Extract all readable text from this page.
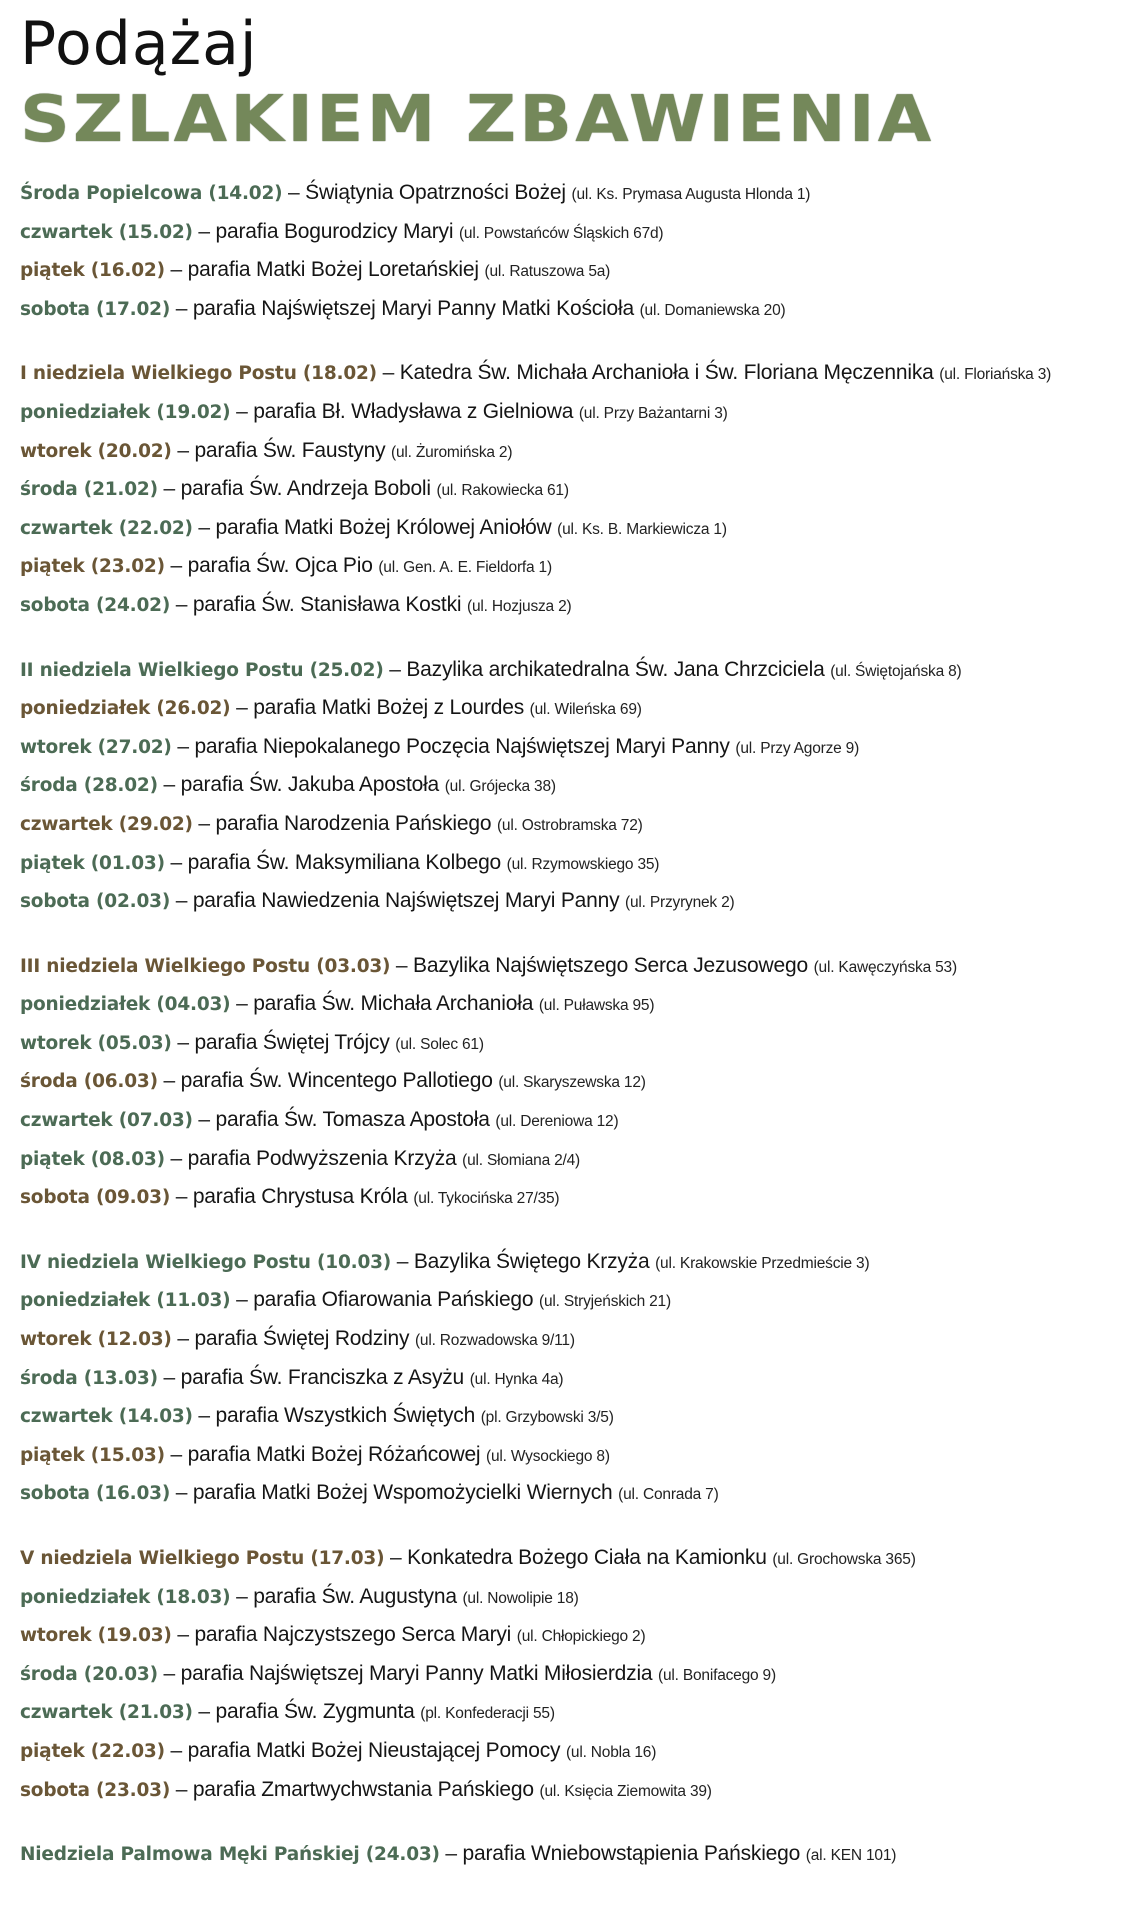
Podążaj
SZLAKIEM ZBAWIENIA
Środa Popielcowa (14.02) – Świątynia Opatrzności Bożej (ul. Ks. Prymasa Augusta Hlonda 1)
czwartek (15.02) – parafia Bogurodzicy Maryi (ul. Powstańców Śląskich 67d)
piątek (16.02) – parafia Matki Bożej Loretańskiej (ul. Ratuszowa 5a)
sobota (17.02) – parafia Najświętszej Maryi Panny Matki Kościoła (ul. Domaniewska 20)
I niedziela Wielkiego Postu (18.02) – Katedra Św. Michała Archanioła i Św. Floriana Męczennika (ul. Floriańska 3)
poniedziałek (19.02) – parafia Bł. Władysława z Gielniowa (ul. Przy Bażantarni 3)
wtorek (20.02) – parafia Św. Faustyny (ul. Żuromińska 2)
środa (21.02) – parafia Św. Andrzeja Boboli (ul. Rakowiecka 61)
czwartek (22.02) – parafia Matki Bożej Królowej Aniołów (ul. Ks. B. Markiewicza 1)
piątek (23.02) – parafia Św. Ojca Pio (ul. Gen. A. E. Fieldorfa 1)
sobota (24.02) – parafia Św. Stanisława Kostki (ul. Hozjusza 2)
II niedziela Wielkiego Postu (25.02) – Bazylika archikatedralna Św. Jana Chrzciciela (ul. Świętojańska 8)
poniedziałek (26.02) – parafia Matki Bożej z Lourdes (ul. Wileńska 69)
wtorek (27.02) – parafia Niepokalanego Poczęcia Najświętszej Maryi Panny (ul. Przy Agorze 9)
środa (28.02) – parafia Św. Jakuba Apostoła (ul. Grójecka 38)
czwartek (29.02) – parafia Narodzenia Pańskiego (ul. Ostrobramska 72)
piątek (01.03) – parafia Św. Maksymiliana Kolbego (ul. Rzymowskiego 35)
sobota (02.03) – parafia Nawiedzenia Najświętszej Maryi Panny (ul. Przyrynek 2)
III niedziela Wielkiego Postu (03.03) – Bazylika Najświętszego Serca Jezusowego (ul. Kawęczyńska 53)
poniedziałek (04.03) – parafia Św. Michała Archanioła (ul. Puławska 95)
wtorek (05.03) – parafia Świętej Trójcy (ul. Solec 61)
środa (06.03) – parafia Św. Wincentego Pallotiego (ul. Skaryszewska 12)
czwartek (07.03) – parafia Św. Tomasza Apostoła (ul. Dereniowa 12)
piątek (08.03) – parafia Podwyższenia Krzyża (ul. Słomiana 2/4)
sobota (09.03) – parafia Chrystusa Króla (ul. Tykocińska 27/35)
IV niedziela Wielkiego Postu (10.03) – Bazylika Świętego Krzyża (ul. Krakowskie Przedmieście 3)
poniedziałek (11.03) – parafia Ofiarowania Pańskiego (ul. Stryjeńskich 21)
wtorek (12.03) – parafia Świętej Rodziny (ul. Rozwadowska 9/11)
środa (13.03) – parafia Św. Franciszka z Asyżu (ul. Hynka 4a)
czwartek (14.03) – parafia Wszystkich Świętych (pl. Grzybowski 3/5)
piątek (15.03) – parafia Matki Bożej Różańcowej (ul. Wysockiego 8)
sobota (16.03) – parafia Matki Bożej Wspomożycielki Wiernych (ul. Conrada 7)
V niedziela Wielkiego Postu (17.03) – Konkatedra Bożego Ciała na Kamionku (ul. Grochowska 365)
poniedziałek (18.03) – parafia Św. Augustyna (ul. Nowolipie 18)
wtorek (19.03) – parafia Najczystszego Serca Maryi (ul. Chłopickiego 2)
środa (20.03) – parafia Najświętszej Maryi Panny Matki Miłosierdzia (ul. Bonifacego 9)
czwartek (21.03) – parafia Św. Zygmunta (pl. Konfederacji 55)
piątek (22.03) – parafia Matki Bożej Nieustającej Pomocy (ul. Nobla 16)
sobota (23.03) – parafia Zmartwychwstania Pańskiego (ul. Księcia Ziemowita 39)
Niedziela Palmowa Męki Pańskiej (24.03) – parafia Wniebowstąpienia Pańskiego (al. KEN 101)
